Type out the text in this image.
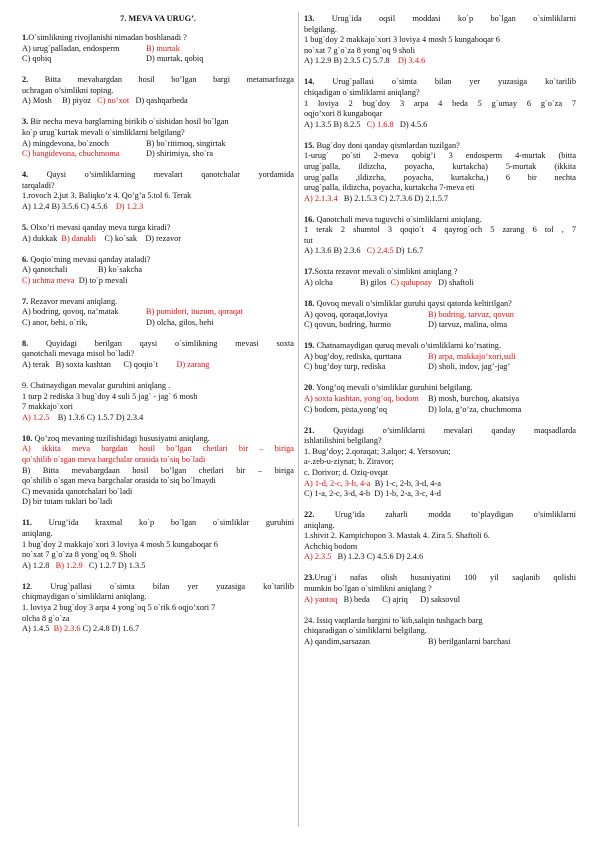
7. MEVA VA URUG’.
1.O`simlikning rivojlanishi nimadan boshlanadi ?
A) urug`palladan, endosperm	B) murtak
C) qobiq	D) murtak, qobiq
2. Bitta mevabargdan hosil bo’lgan bargi metamarfozga
uchragan o’simlikni toping.
A) Mosh B) piyoz C) no’xot D) qashqarbeda
3. Bir necha meva barglarning birikib o`sishidan hosil bo`lgan
ko`p urug`kurtak mevali o`simliklarni belgilang?
A) mingdevona, bo`znoch	B) bo`ritirnoq, singirtak
C) bangidevona, chuchmoma	D) shirimiya, sho`ra
4. Qaysi o’simliklarning mevalari qanotchalar yordamida
tarqaladi?
1.rovoch 2.jut 3. Baliqko’z 4. Qo’g’a 5.tol 6. Terak
A) 1.2.4 B) 3.5.6 C) 4.5.6 D) 1.2.3
5. Olxo’ri mevasi qanday meva turga kiradi?
A) dukkak B) danakli C) ko`sak D) rezavor
6. Qoqio`tning mevasi qanday ataladi?
A) qanotchali	B) ko`sakcha
C) uchma meva D) to`p mevali
7. Rezavor mevani aniqlang.
A) bodring, qovoq, na’matak	B) pomidori, ituzum, qoraqat
C) anor, behi, o`rik,	D) olcha, gilos, behi
8. Quyidagi berilgan qaysi o`simlikning mevasi soxta
qanotchali mevaga misol bo`ladi?
A) terak B) soxta kashtan C) qoqio`t D) zarang
9. Chatnaydigan mevalar guruhini aniqlang .
1 turp 2 rediska 3 bug`doy 4 suli 5 jag` - jag` 6 mosh
7 makkajo`xori
A) 1.2.5 B) 1.3.6 C) 1.5.7 D) 2.3.4
10. Qo’zoq mevaning tuzilishidagi hususiyatni aniqlang.
A) ikkita meva bargdan hosil bo’lgan chetlari bir – biriga
qo`shilib o`sgan meva bargchalar orasida to`siq bo`ladi
B) Bitta mevabargdaan hosil bo’lgan chetlari bir – biriga
qo`shilib o`sgan meva bargchalar orasida to`siq bo`lmaydi
C) mevasida qanotchalari bo`ladi
D) bir tutam tuklari bo`ladi
11. Urug’ida kraxmal ko`p bo`lgan o`simliklar guruhini
aniqlang.
1 bug`doy 2 makkajo`xori 3 loviya 4 mosh 5 kungaboqar 6
no`xat 7 g`o`za 8 yong`oq 9. Sholi
A) 1.2.8 B) 1.2.9 C) 1.2.7 D) 1.3.5
12. Urug`pallasi o`simta bilan yer yuzasiga ko`tarilib
chiqmaydigan o`simliklarni aniqlang.
1. loviya 2 bug`doy 3 arpa 4 yong`oq 5 o`rik 6 oqjo’xori 7
olcha 8 g`o`za
A) 1.4.5 B) 2.3.6 C) 2.4.8 D) 1.6.7
13. Urug`ida oqsil moddasi ko`p bo`lgan o`simliklarni
belgilang.
1 bug`doy 2 makkajo`xori 3 loviya 4 mosh 5 kungaboqar 6
no`xat 7 g`o`za 8 yong`oq 9 sholi
A) 1.2.9 B) 2.3.5 C) 5.7.8 D) 3.4.6
14. Urug`pallasi o`simta bilan yer yuzasiga ko`tarilib
chiqadigan o`simliklarni aniqlang?
1 loviya 2 bug`doy 3 arpa 4 beda 5 g`umay 6 g`o`za 7
oqjo’xori 8 kungaboqar
A) 1.3.5 B) 8.2.5 C) 1.6.8 D) 4.5.6
15. Bug`doy doni qanday qismlardan tuzilgan?
1-urug` po`sti 2-meva qobig’i 3 endosperm 4-murtak (bitta
urug`palla, ildizcha, poyacha, kurtakcha) 5-murtak (ikkita
urug`palla ,ildizcha, poyacha, kurtakcha,) 6 bir nechta
urug`palla, ildizcha, poyacha, kurtakcha 7-meva eti
A) 2.1.3.4 B) 2.1.5.3 C) 2.7.3.6 D) 2.1.5.7
16. Qanotchali meva tuguvchi o`simliklarni aniqlang.
1 terak 2 shumtol 3 qoqio`t 4 qayrog`och 5 zarang 6 tol , 7
tut
A) 1.3.6 B) 2.3.6 C) 2.4.5 D) 1.6.7
17.Soxta rezavor mevali o`simlikni aniqlang ?
A) olcha	B) gilos C) qulupnay D) shaftoli
18. Qovoq mevali o’simliklar guruhi qaysi qatorda keltirilgan?
A) qovoq, qoraqat,loviya	B) bodring, tarvuz, qovun
C) qovun, bodring, hurmo	D) tarvuz, malina, olma
19. Chatnamaydigan quruq mevali o’simliklarni ko’rsating.
A) bug’doy, rediska, qurttana	B) arpa, makkajo’xori,suli
C) bug’doy turp, rediska	D) sholi, indov, jag’-jag’
20. Yong’oq mevali o’simliklar guruhini belgilang.
A) soxta kashtan, yong’oq, bodom B) mosh, burchoq, akatsiya
C) bodom, pista,yong’oq	D) lola, g’o’za, chuchmoma
21. Quyidagi o’simliklarni mevalari qanday maqsadlarda
ishlatilishini belgilang?
1. Bug’doy; 2.qoraqat; 3.alqor; 4. Yersovun;
a-.zeb-u-ziynat; b. Ziravor;
c. Dorivor; d. Oziq-ovqat
A) 1-d, 2-c, 3-b, 4-a B) 1-c, 2-b, 3-d, 4-a
C) 1-a, 2-c, 3-d, 4-b D) 1-b, 2-a, 3-c, 4-d
22. Urug’ida zaharli modda to’playdigan o’simliklarni
aniqlang.
1.shivit 2. Kampichopon 3. Mastak 4. Zira 5. Shaftoli 6.
Achchiq bodom
A) 2.3.5 B) 1.2.3 C) 4.5.6 D) 2.4.6
23.Urug`i nafas olish hususiyatini 100 yil saqlanib qolishi
mumkin bo`lgan o`simlikni aniqlang ?
A) yantoq B) beda C) ajriq D) saksovul
24. Issiq vaqtlarda bargini to`kib,salqin tushgach barg
chiqaradigan o`simliklarni belgilang.
A) qandim,sarsazan	B) berilganlarni barchasi
